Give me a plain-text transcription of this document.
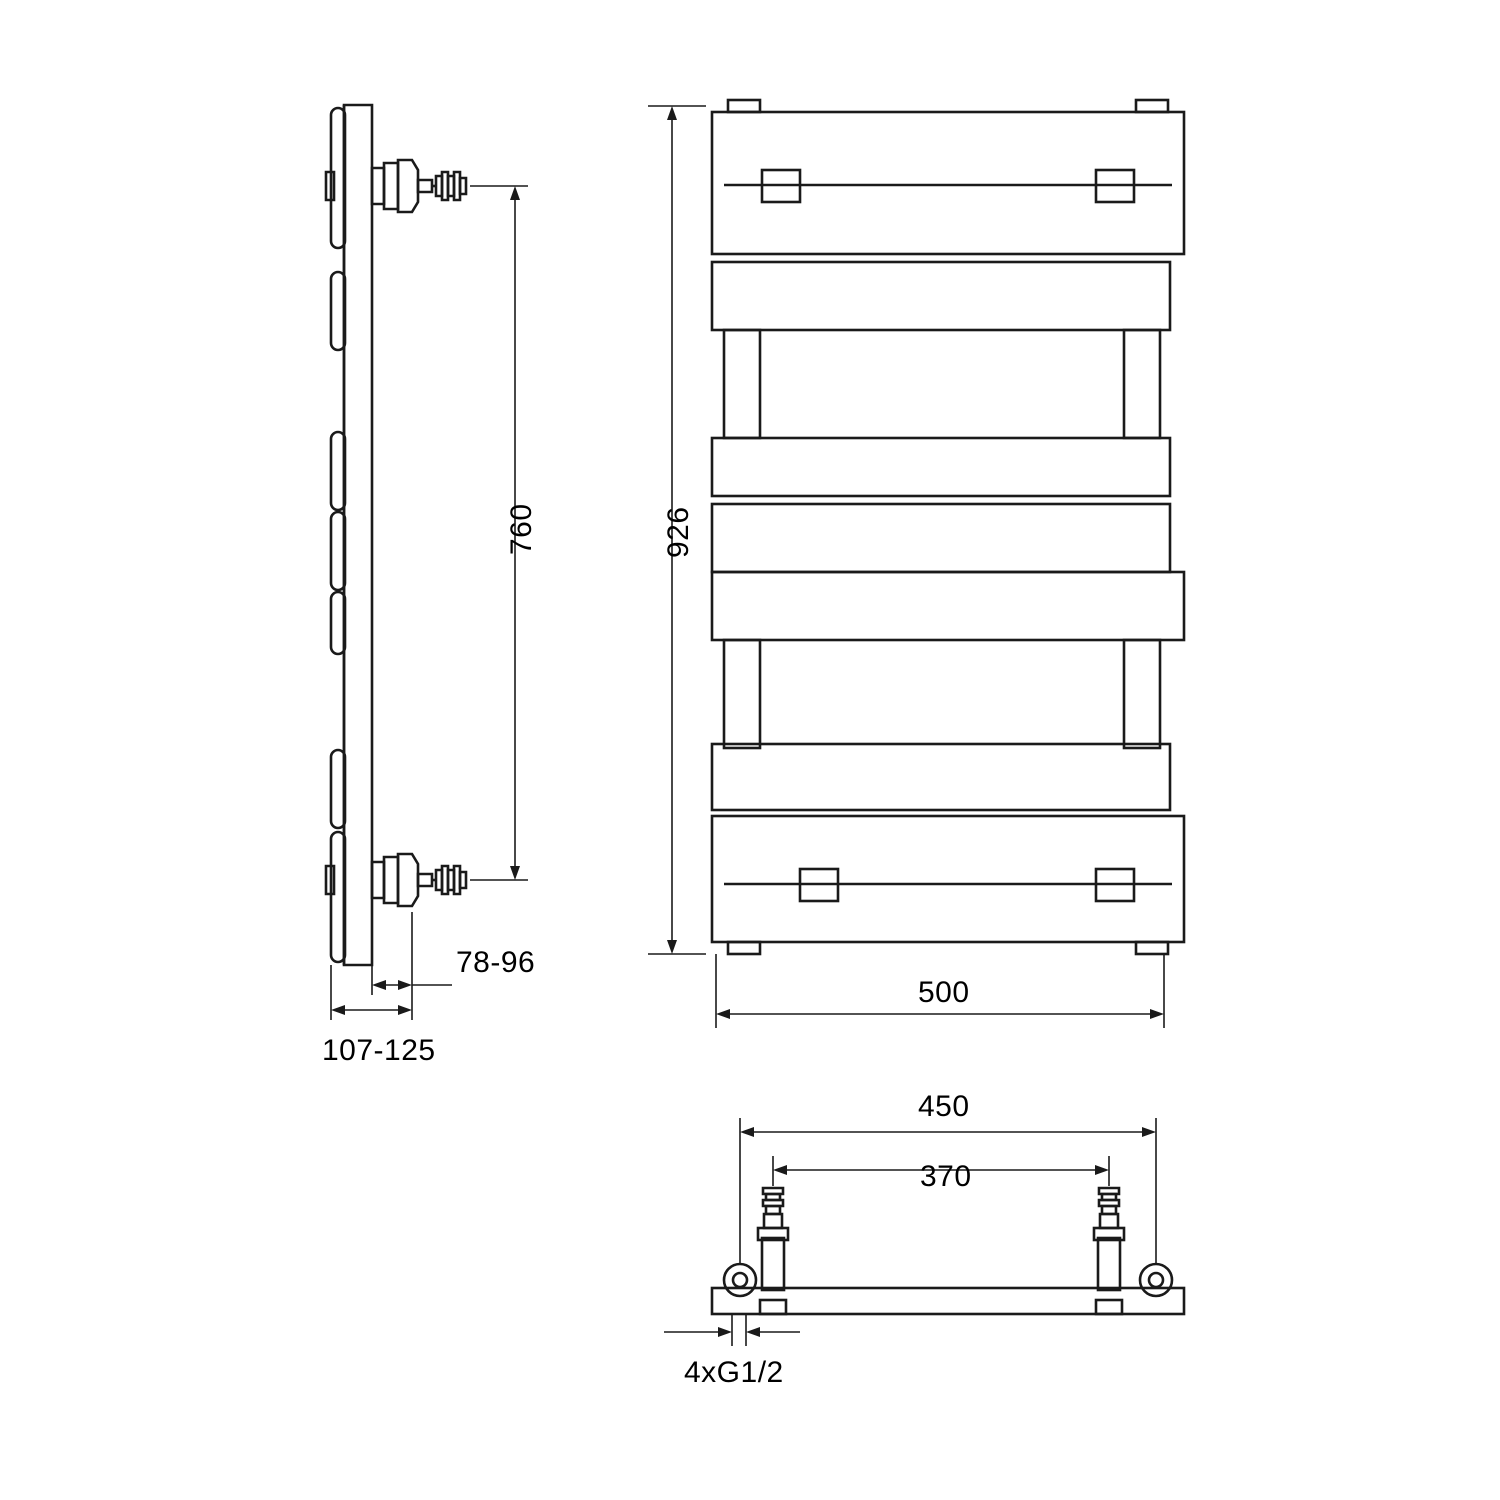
760
78-96
107-125
926
500
450
370
4xG1/2
